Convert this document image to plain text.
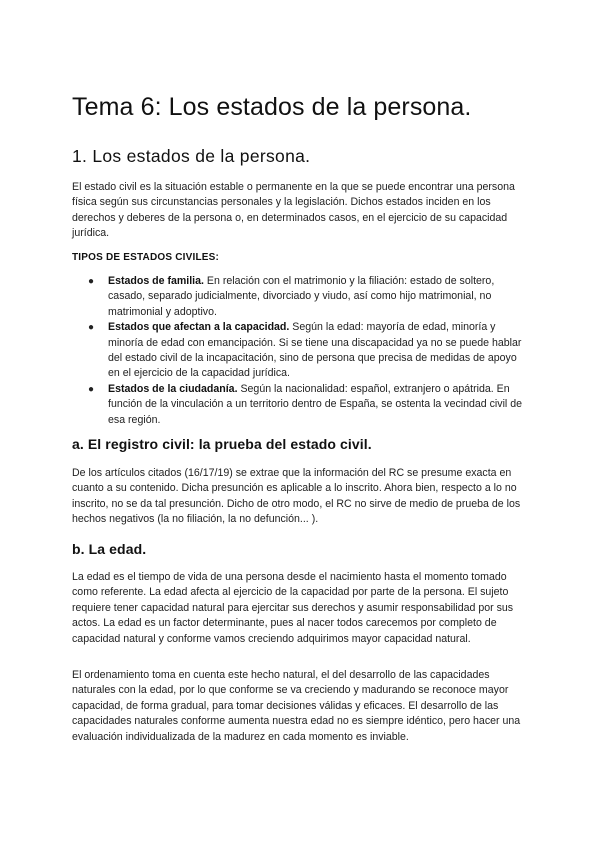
Tema 6: Los estados de la persona.
1. Los estados de la persona.

El estado civil es la situación estable o permanente en la que se puede encontrar una persona física según sus circunstancias personales y la legislación. Dichos estados inciden en los derechos y deberes de la persona o, en determinados casos, en el ejercicio de su capacidad jurídica.

TIPOS DE ESTADOS CIVILES:

● Estados de familia. En relación con el matrimonio y la filiación: estado de soltero, casado, separado judicialmente, divorciado y viudo, así como hijo matrimonial, no matrimonial y adoptivo.
● Estados que afectan a la capacidad. Según la edad: mayoría de edad, minoría y minoría de edad con emancipación. Si se tiene una discapacidad ya no se puede hablar del estado civil de la incapacitación, sino de persona que precisa de medidas de apoyo en el ejercicio de la capacidad jurídica.
● Estados de la ciudadanía. Según la nacionalidad: español, extranjero o apátrida. En función de la vinculación a un territorio dentro de España, se ostenta la vecindad civil de esa región.
a. El registro civil: la prueba del estado civil.

De los artículos citados (16/17/19) se extrae que la información del RC se presume exacta en cuanto a su contenido. Dicha presunción es aplicable a lo inscrito. Ahora bien, respecto a lo no inscrito, no se da tal presunción. Dicho de otro modo, el RC no sirve de medio de prueba de los hechos negativos (la no filiación, la no defunción... ).

b. La edad.

La edad es el tiempo de vida de una persona desde el nacimiento hasta el momento tomado como referente. La edad afecta al ejercicio de la capacidad por parte de la persona. El sujeto requiere tener capacidad natural para ejercitar sus derechos y asumir responsabilidad por sus actos. La edad es un factor determinante, pues al nacer todos carecemos por completo de capacidad natural y conforme vamos creciendo adquirimos mayor capacidad natural.

El ordenamiento toma en cuenta este hecho natural, el del desarrollo de las capacidades naturales con la edad, por lo que conforme se va creciendo y madurando se reconoce mayor capacidad, de forma gradual, para tomar decisiones válidas y eficaces. El desarrollo de las capacidades naturales conforme aumenta nuestra edad no es siempre idéntico, pero hacer una evaluación individualizada de la madurez en cada momento es inviable.
